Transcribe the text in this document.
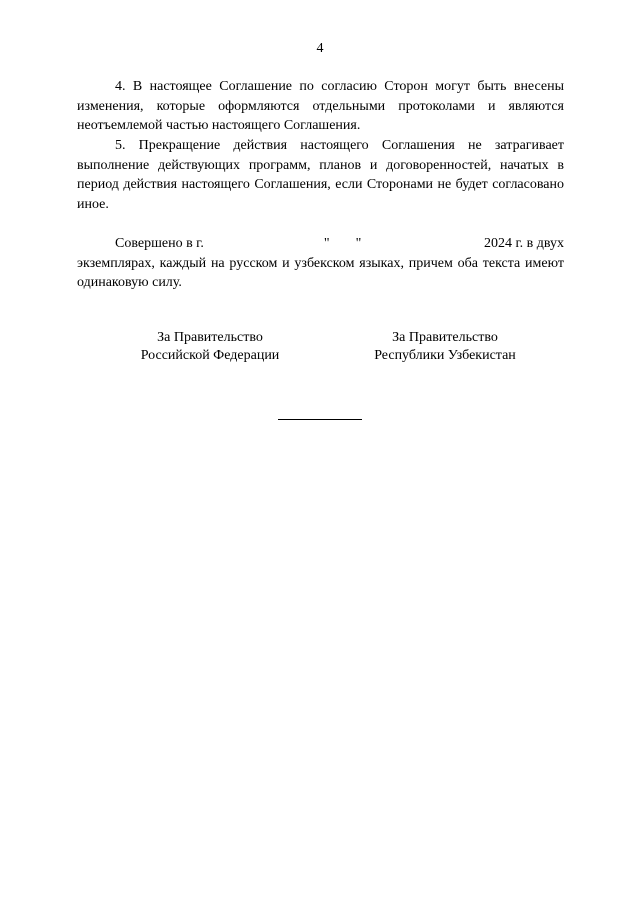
4

4. В настоящее Соглашение по согласию Сторон могут быть внесены изменения, которые оформляются отдельными протоколами и являются неотъемлемой частью настоящего Соглашения.

5. Прекращение действия настоящего Соглашения не затрагивает выполнение действующих программ, планов и договоренностей, начатых в период действия настоящего Соглашения, если Сторонами не будет согласовано иное.

Совершено в г.	" "	2024 г. в двух
экземплярах, каждый на русском и узбекском языках, причем оба текста имеют одинаковую силу.
За Правительство
Российской Федерации
За Правительство
Республики Узбекистан
